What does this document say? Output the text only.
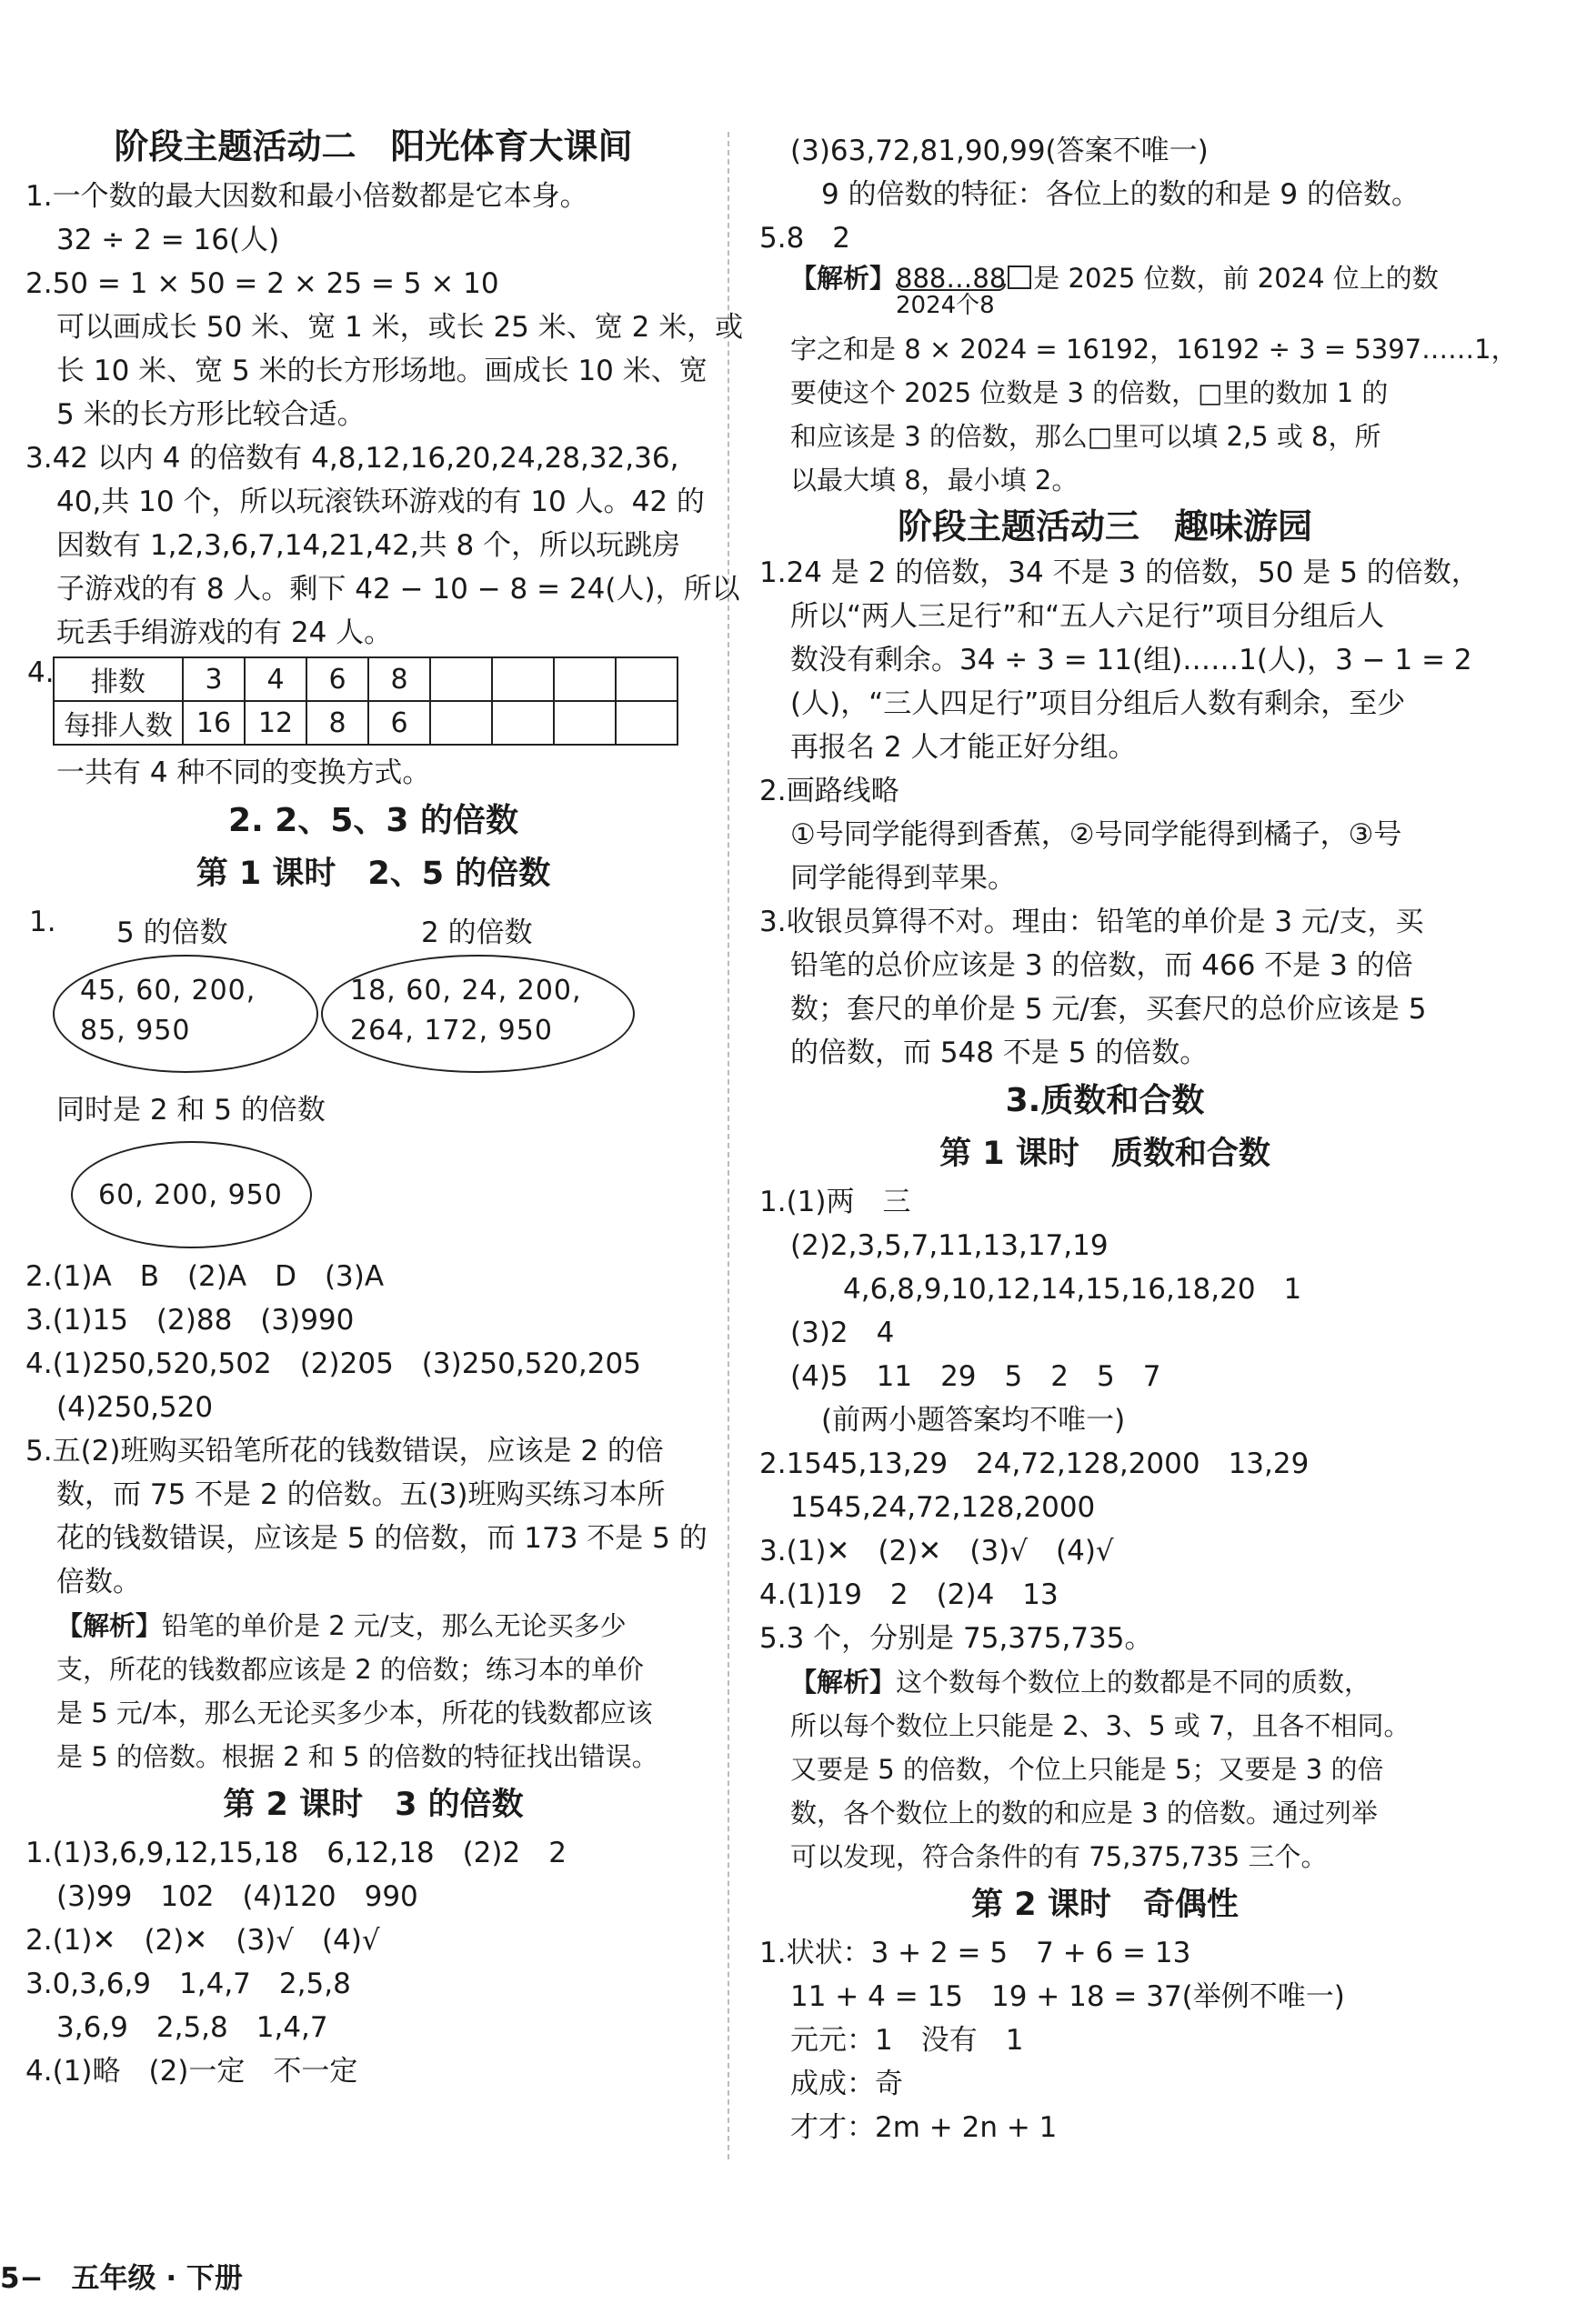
阶段主题活动二　阳光体育大课间
1.一个数的最大因数和最小倍数都是它本身。
32 ÷ 2 = 16(人)
2.50 = 1 × 50 = 2 × 25 = 5 × 10
可以画成长 50 米、宽 1 米，或长 25 米、宽 2 米，或
长 10 米、宽 5 米的长方形场地。画成长 10 米、宽
5 米的长方形比较合适。
3.42 以内 4 的倍数有 4,8,12,16,20,24,28,32,36,
40,共 10 个，所以玩滚铁环游戏的有 10 人。42 的
因数有 1,2,3,6,7,14,21,42,共 8 个，所以玩跳房
子游戏的有 8 人。剩下 42 − 10 − 8 = 24(人)，所以
玩丢手绢游戏的有 24 人。
4. 排数	3	4	6	8				
每排人数	16	12	8	6				
一共有 4 种不同的变换方式。
2. 2、5、3 的倍数
第 1 课时　2、5 的倍数
1. 5 的倍数	2 的倍数
45, 60, 200,
85, 950
18, 60, 24, 200,
264, 172, 950
同时是 2 和 5 的倍数
60, 200, 950
2.(1)A　B　(2)A　D　(3)A
3.(1)15　(2)88　(3)990
4.(1)250,520,502　(2)205　(3)250,520,205
(4)250,520
5.五(2)班购买铅笔所花的钱数错误，应该是 2 的倍
数，而 75 不是 2 的倍数。五(3)班购买练习本所
花的钱数错误，应该是 5 的倍数，而 173 不是 5 的
倍数。
【解析】铅笔的单价是 2 元/支，那么无论买多少
支，所花的钱数都应该是 2 的倍数；练习本的单价
是 5 元/本，那么无论买多少本，所花的钱数都应该
是 5 的倍数。根据 2 和 5 的倍数的特征找出错误。
第 2 课时　3 的倍数
1.(1)3,6,9,12,15,18　6,12,18　(2)2　2
(3)99　102　(4)120　990
2.(1)✕　(2)✕　(3)√　(4)√
3.0,3,6,9　1,4,7　2,5,8
3,6,9　2,5,8　1,4,7
4.(1)略　(2)一定　不一定
5−　五年级 · 下册
(3)63,72,81,90,99(答案不唯一)
9 的倍数的特征：各位上的数的和是 9 的倍数。
5.8　2
【解析】888…88
2024个8
是 2025 位数，前 2024 位上的数
字之和是 8 × 2024 = 16192，16192 ÷ 3 = 5397……1，
要使这个 2025 位数是 3 的倍数，□里的数加 1 的
和应该是 3 的倍数，那么□里可以填 2,5 或 8，所
以最大填 8，最小填 2。
阶段主题活动三　趣味游园
1.24 是 2 的倍数，34 不是 3 的倍数，50 是 5 的倍数，
所以“两人三足行”和“五人六足行”项目分组后人
数没有剩余。34 ÷ 3 = 11(组)……1(人)，3 − 1 = 2
(人)，“三人四足行”项目分组后人数有剩余，至少
再报名 2 人才能正好分组。
2.画路线略
①号同学能得到香蕉，②号同学能得到橘子，③号
同学能得到苹果。
3.收银员算得不对。理由：铅笔的单价是 3 元/支，买
铅笔的总价应该是 3 的倍数，而 466 不是 3 的倍
数；套尺的单价是 5 元/套，买套尺的总价应该是 5
的倍数，而 548 不是 5 的倍数。
3.质数和合数
第 1 课时　质数和合数
1.(1)两　三
(2)2,3,5,7,11,13,17,19
4,6,8,9,10,12,14,15,16,18,20　1
(3)2　4
(4)5　11　29　5　2　5　7
(前两小题答案均不唯一)
2.1545,13,29　24,72,128,2000　13,29
1545,24,72,128,2000
3.(1)✕　(2)✕　(3)√　(4)√
4.(1)19　2　(2)4　13
5.3 个，分别是 75,375,735。
【解析】这个数每个数位上的数都是不同的质数，
所以每个数位上只能是 2、3、5 或 7，且各不相同。
又要是 5 的倍数，个位上只能是 5；又要是 3 的倍
数，各个数位上的数的和应是 3 的倍数。通过列举
可以发现，符合条件的有 75,375,735 三个。
第 2 课时　奇偶性
1.状状：3 + 2 = 5　7 + 6 = 13
11 + 4 = 15　19 + 18 = 37(举例不唯一)
元元：1　没有　1
成成：奇
才才：2m + 2n + 1
